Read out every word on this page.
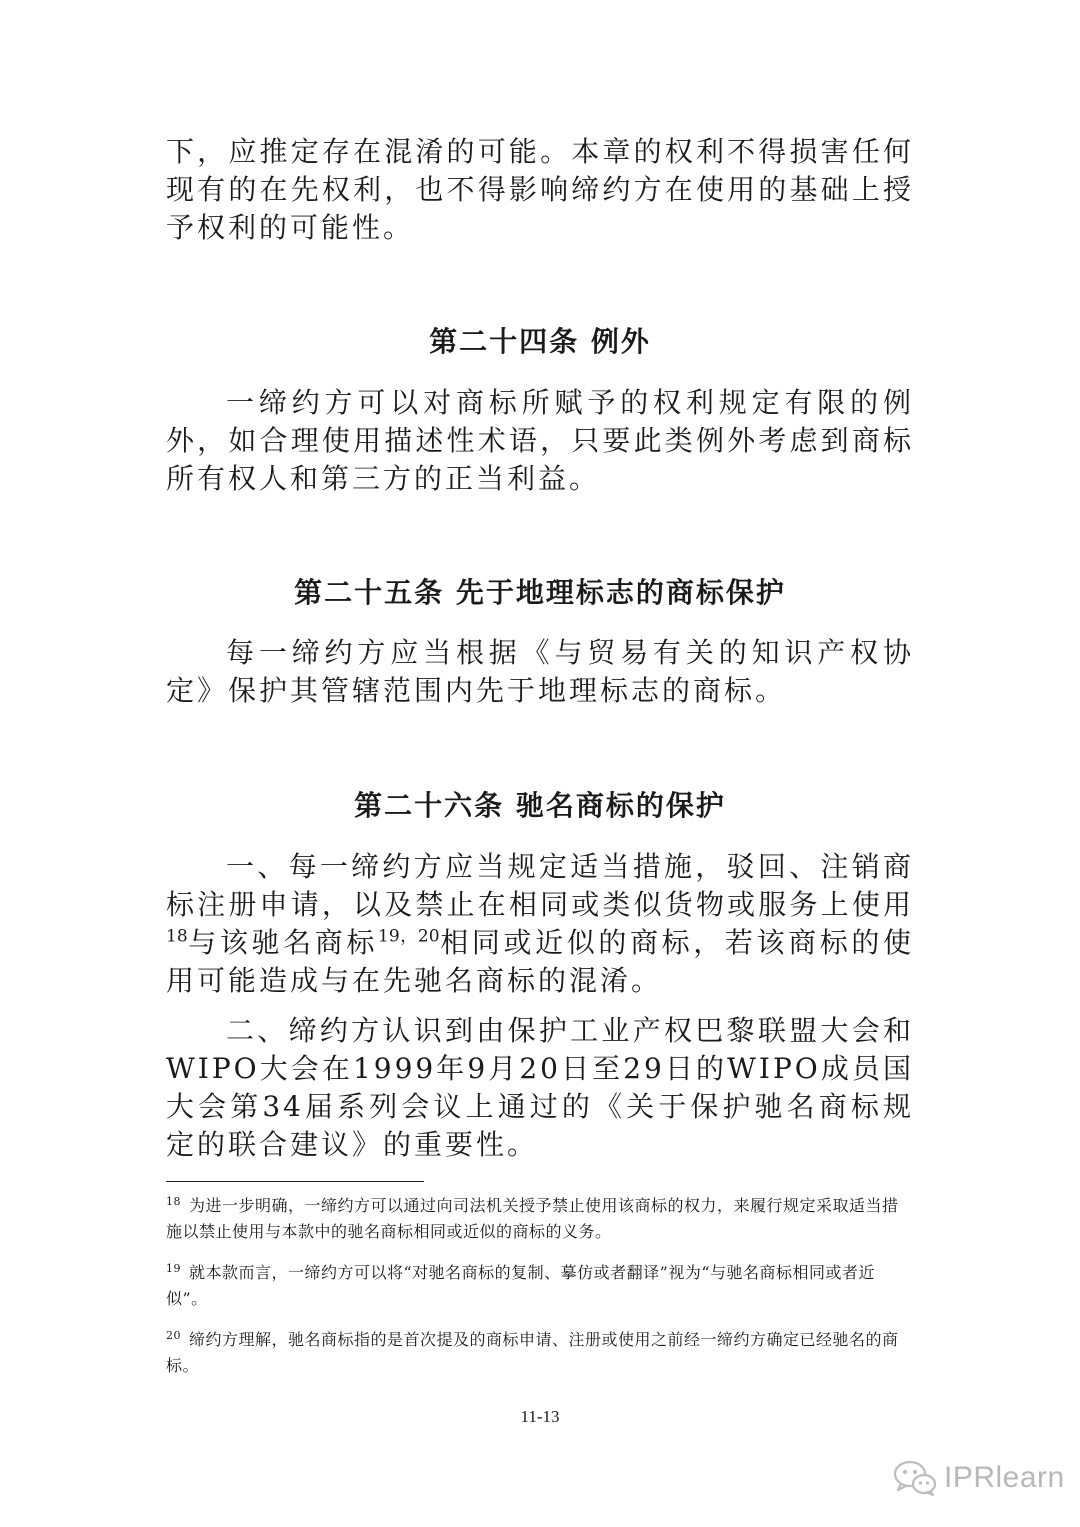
下，应推定存在混淆的可能。本章的权利不得损害任何现有的在先权利，也不得影响缔约方在使用的基础上授予权利的可能性。

第二十四条 例外

一缔约方可以对商标所赋予的权利规定有限的例外，如合理使用描述性术语，只要此类例外考虑到商标所有权人和第三方的正当利益。

第二十五条 先于地理标志的商标保护

每一缔约方应当根据《与贸易有关的知识产权协定》保护其管辖范围内先于地理标志的商标。

第二十六条 驰名商标的保护

一、每一缔约方应当规定适当措施，驳回、注销商标注册申请，以及禁止在相同或类似货物或服务上使用$^{18}$与该驰名商标$^{19,20}$相同或近似的商标，若该商标的使用可能造成与在先驰名商标的混淆。

二、缔约方认识到由保护工业产权巴黎联盟大会和WIPO大会在1999年9月20日至29日的WIPO成员国大会第34届系列会议上通过的《关于保护驰名商标规定的联合建议》的重要性。

$^{18}$ 为进一步明确，一缔约方可以通过向司法机关授予禁止使用该商标的权力，来履行规定采取适当措施以禁止使用与本款中的驰名商标相同或近似的商标的义务。

$^{19}$ 就本款而言，一缔约方可以将“对驰名商标的复制、摹仿或者翻译”视为“与驰名商标相同或者近似”。

$^{20}$ 缔约方理解，驰名商标指的是首次提及的商标申请、注册或使用之前经一缔约方确定已经驰名的商标。

11-13
IPRlearn
